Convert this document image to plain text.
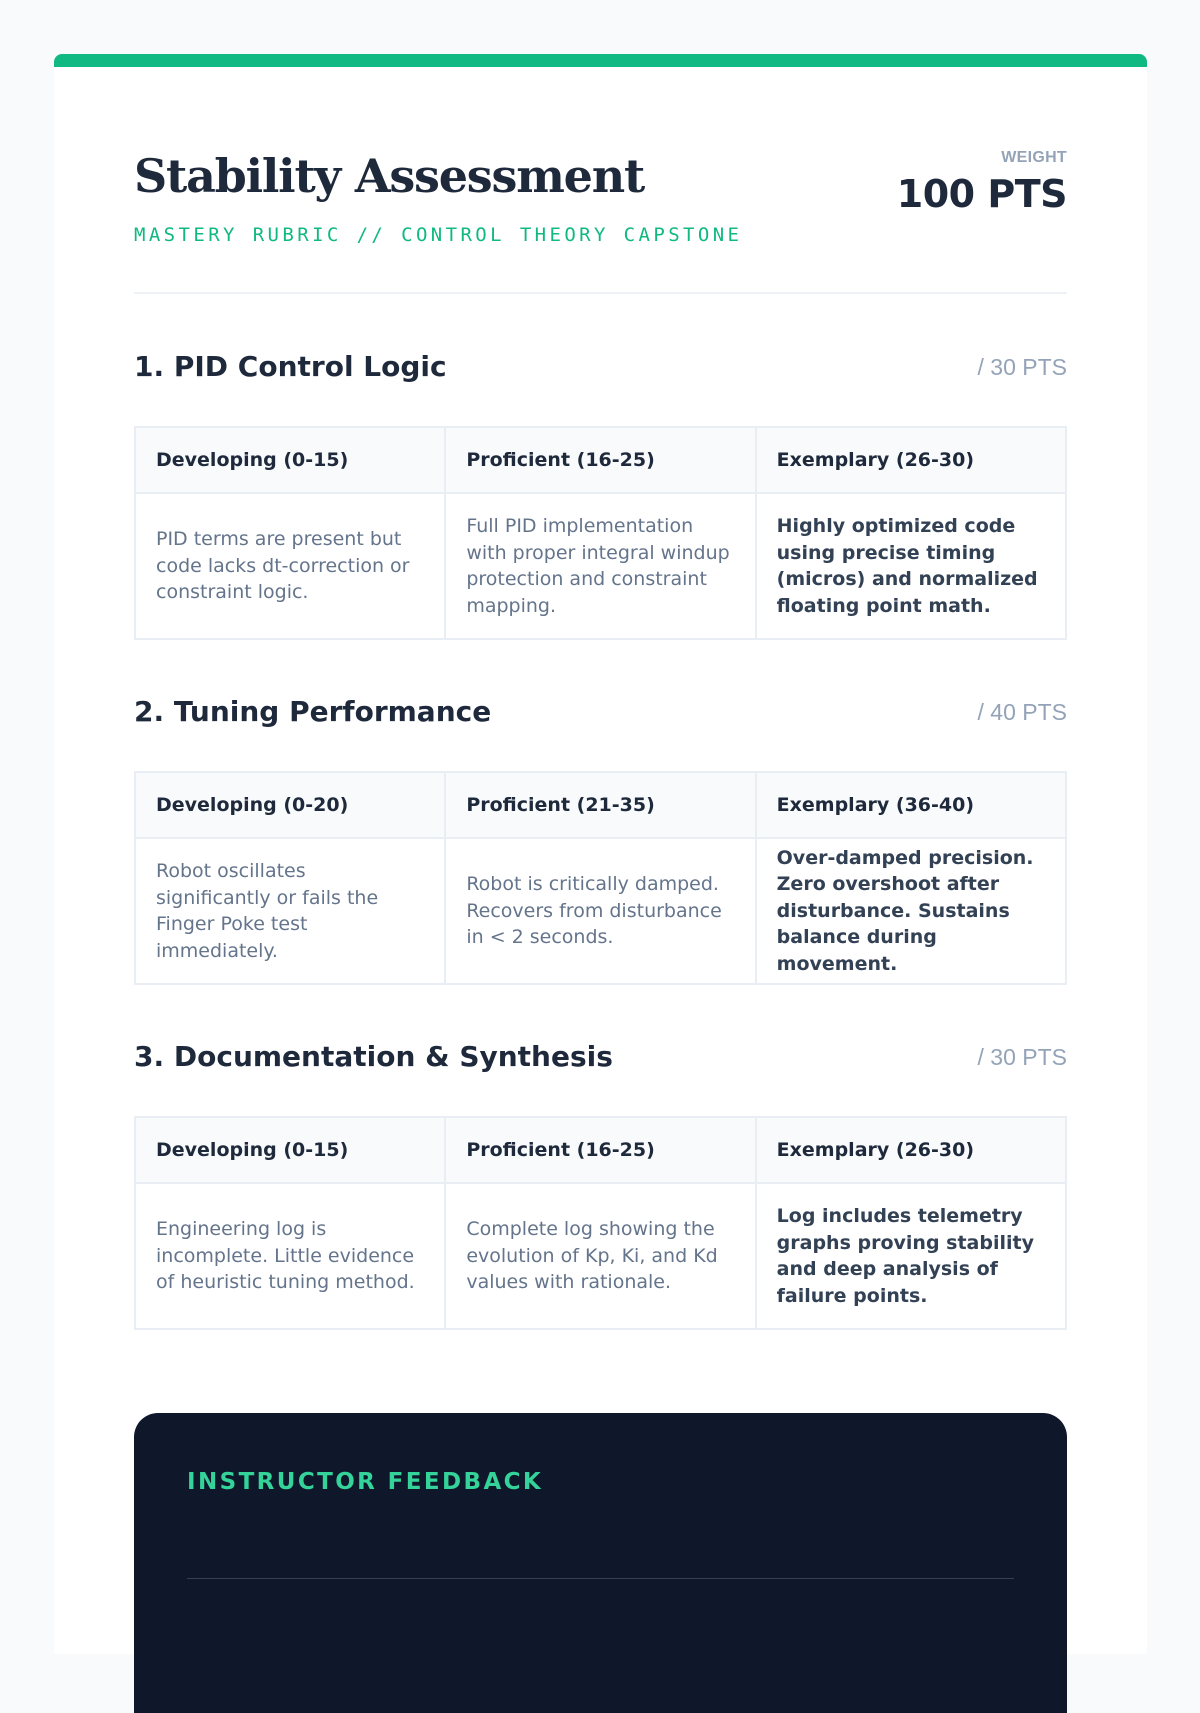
Stability Assessment
MASTERY RUBRIC // CONTROL THEORY CAPSTONE
WEIGHT
100 PTS
1. PID Control Logic	/ 30 PTS
Developing (0-15)	Proficient (16-25)	Exemplary (26-30)
PID terms are present but code lacks dt-correction or constraint logic.	Full PID implementation with proper integral windup protection and constraint mapping.	Highly optimized code using precise timing (micros) and normalized floating point math.
2. Tuning Performance	/ 40 PTS
Developing (0-20)	Proficient (21-35)	Exemplary (36-40)
Robot oscillates significantly or fails the Finger Poke test immediately.	Robot is critically damped. Recovers from disturbance in < 2 seconds.	Over-damped precision. Zero overshoot after disturbance. Sustains balance during movement.
3. Documentation & Synthesis	/ 30 PTS
Developing (0-15)	Proficient (16-25)	Exemplary (26-30)
Engineering log is incomplete. Little evidence of heuristic tuning method.	Complete log showing the evolution of Kp, Ki, and Kd values with rationale.	Log includes telemetry graphs proving stability and deep analysis of failure points.
INSTRUCTOR FEEDBACK
